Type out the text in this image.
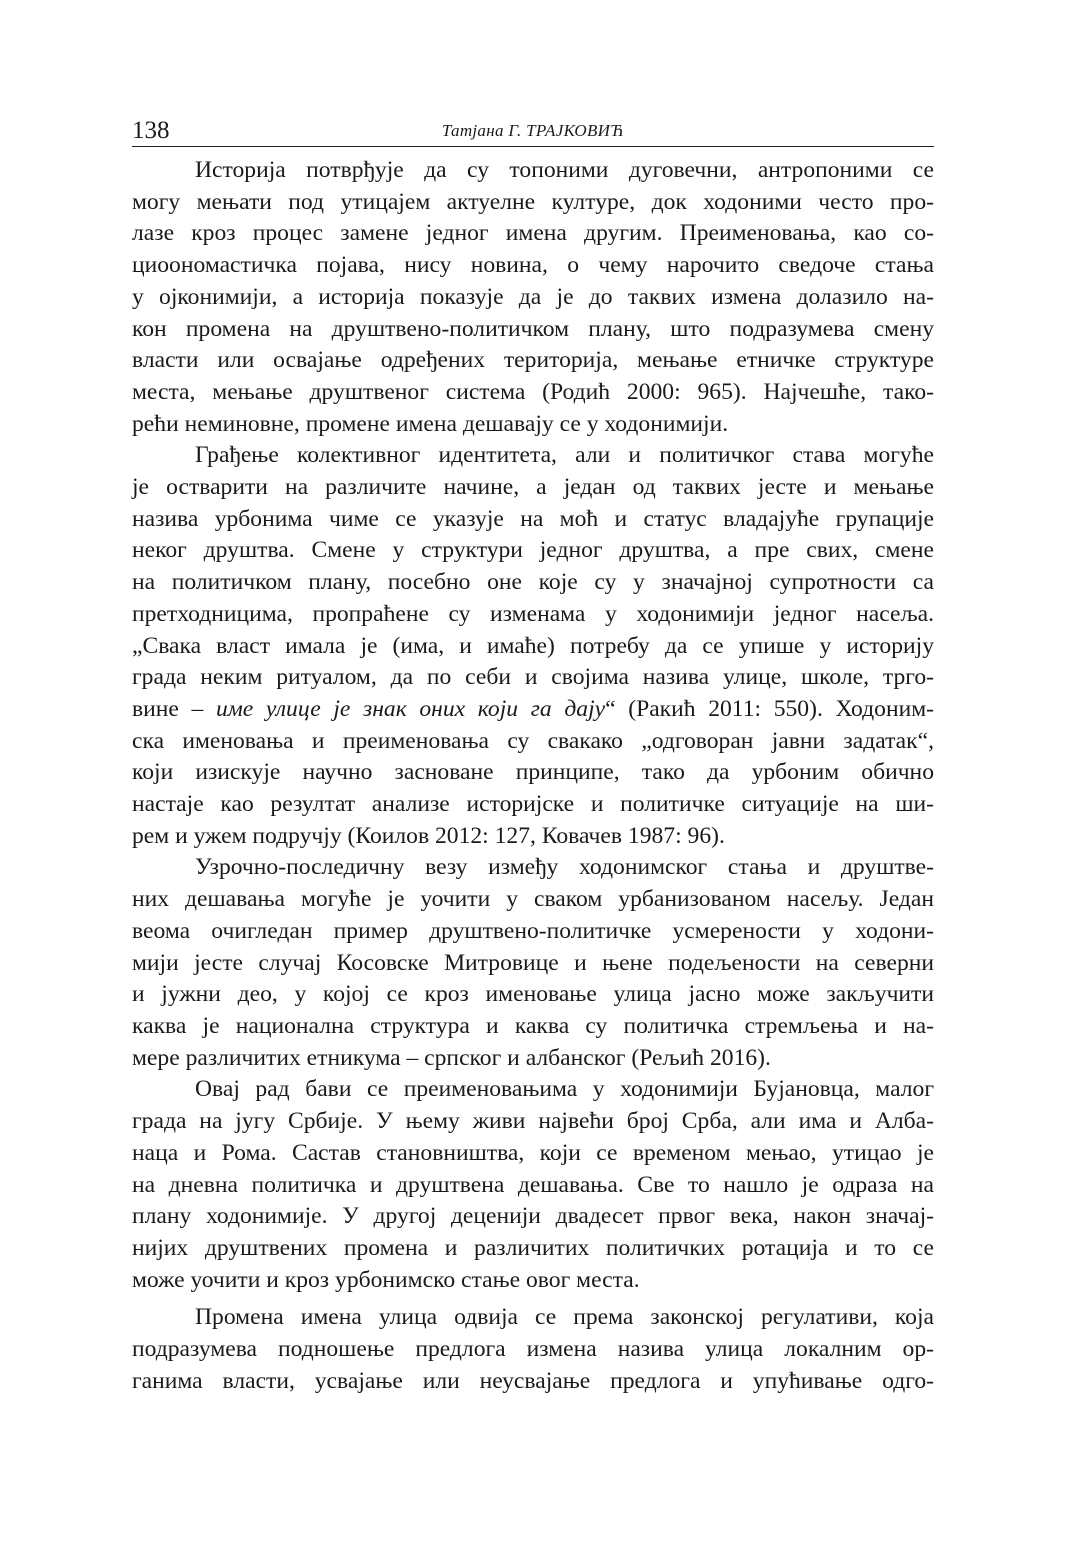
138	Татјана Г. ТРАЈКОВИЋ
Историја потврђује да су топоними дуговечни, антропоними се
могу мењати под утицајем актуелне културе, док ходоними често про-
лазе кроз процес замене једног имена другим. Преименовања, као со-
циоономастичка појава, нису новина, о чему нарочито сведоче стања
у ојконимији, а историја показује да је до таквих измена долазило на-
кон промена на друштвено-политичком плану, што подразумева смену
власти или освајање одређених територија, мењање етничке структуре
места, мењање друштвеног система (Родић 2000: 965). Најчешће, тако-
рећи неминовне, промене имена дешавају се у ходонимији.
Грађење колективног идентитета, али и политичког става могуће
је остварити на различите начине, а један од таквих јесте и мењање
назива урбонима чиме се указује на моћ и статус владајуће групације
неког друштва. Смене у структури једног друштва, а пре свих, смене
на политичком плану, посебно оне које су у значајној супротности са
претходницима, пропраћене су изменама у ходонимији једног насеља.
„Свака власт имала је (има, и имаће) потребу да се упише у историју
града неким ритуалом, да по себи и својима назива улице, школе, трго-
вине – име улице је знак оних који га дају“ (Ракић 2011: 550). Ходоним-
ска именовања и преименовања су свакако „одговоран јавни задатак“,
који изискује научно засноване принципе, тако да урбоним обично
настаје као резултат анализе историјске и политичке ситуације на ши-
рем и ужем подручју (Коилов 2012: 127, Ковачев 1987: 96).
Узрочно-последичну везу између ходонимског стања и друштве-
них дешавања могуће је уочити у сваком урбанизованом насељу. Један
веома очигледан пример друштвено-политичке усмерености у ходони-
мији јесте случај Косовске Митровице и њене подељености на северни
и јужни део, у којој се кроз именовање улица јасно може закључити
каква је национална структура и каква су политичка стремљења и на-
мере различитих етникума – српског и албанског (Рељић 2016).
Овај рад бави се преименовањима у ходонимији Бујановца, малог
града на југу Србије. У њему живи највећи број Срба, али има и Алба-
наца и Рома. Састав становништва, који се временом мењао, утицао је
на дневна политичка и друштвена дешавања. Све то нашло је одраза на
плану ходонимије. У другој деценији двадесет првог века, након значај-
нијих друштвених промена и различитих политичких ротација и то се
може уочити и кроз урбонимско стање овог места.
Промена имена улица одвија се према законској регулативи, која
подразумева подношење предлога измена назива улица локалним ор-
ганима власти, усвајање или неусвајање предлога и упућивање одго-
